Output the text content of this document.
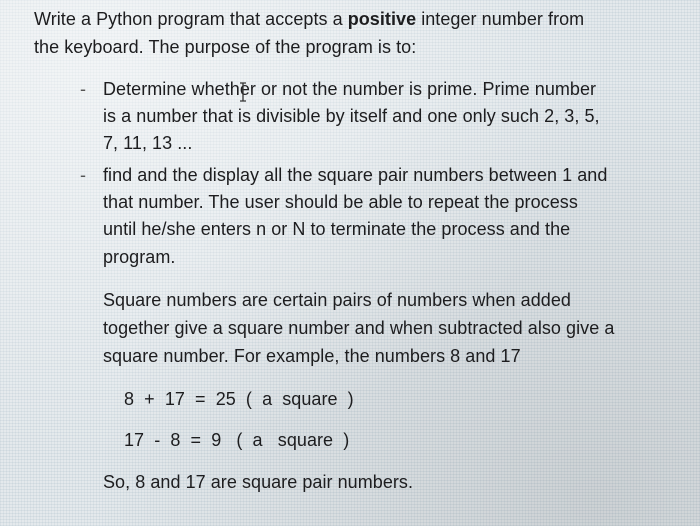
Write a Python program that accepts a positive integer number from
the keyboard. The purpose of the program is to:
- Determine whether or not the number is prime. Prime number
is a number that is divisible by itself and one only such 2, 3, 5,
7, 11, 13 ...
- find and the display all the square pair numbers between 1 and
that number. The user should be able to repeat the process
until he/she enters n or N to terminate the process and the
program.
Square numbers are certain pairs of numbers when added
together give a square number and when subtracted also give a
square number. For example, the numbers 8 and 17
8  +  17  =  25  (  a  square  )
17  -  8  =  9   (  a   square  )
So, 8 and 17 are square pair numbers.
